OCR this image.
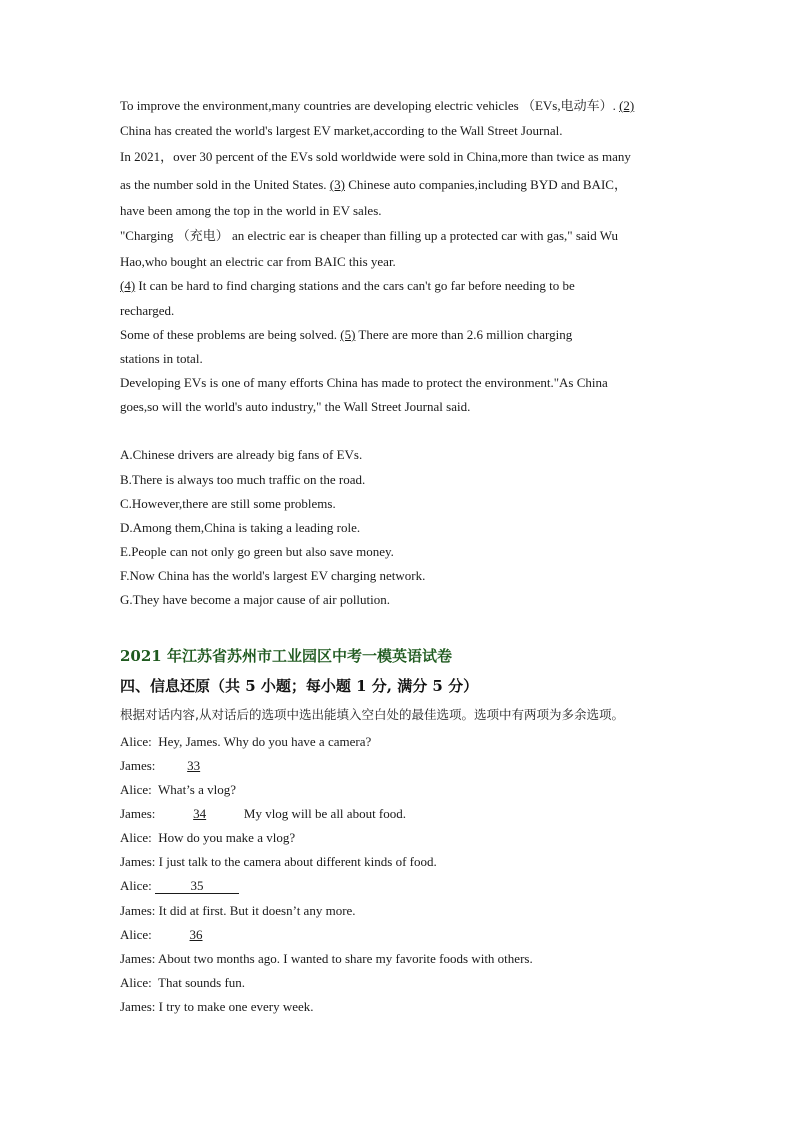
To improve the environment,many countries are developing electric vehicles （EVs,电动车）. (2)
China has created the world's largest EV market,according to the Wall Street Journal.
In 2021，over 30 percent of the EVs sold worldwide were sold in China,more than twice as many
as the number sold in the United States. (3) Chinese auto companies,including BYD and BAIC，
have been among the top in the world in EV sales.
"Charging （充电） an electric ear is cheaper than filling up a protected car with gas," said Wu
Hao,who bought an electric car from BAIC this year.
(4) It can be hard to find charging stations and the cars can't go far before needing to be
recharged.
Some of these problems are being solved. (5) There are more than 2.6 million charging
stations in total.
Developing EVs is one of many efforts China has made to protect the environment."As China
goes,so will the world's auto industry," the Wall Street Journal said.
A.Chinese drivers are already big fans of EVs.
B.There is always too much traffic on the road.
C.However,there are still some problems.
D.Among them,China is taking a leading role.
E.People can not only go green but also save money.
F.Now China has the world's largest EV charging network.
G.They have become a major cause of air pollution.
2021 年江苏省苏州市工业园区中考一模英语试卷
四、信息还原（共 5 小题；每小题 1 分, 满分 5 分）
根据对话内容,从对话后的选项中选出能填入空白处的最佳选项。选项中有两项为多余选项。
Alice: Hey, James. Why do you have a camera?
James: 33
Alice: What’s a vlog?
James:	34	My vlog will be all about food.
Alice: How do you make a vlog?
James: I just talk to the camera about different kinds of food.
Alice:	35
James: It did at first. But it doesn’t any more.
Alice:	36
James: About two months ago. I wanted to share my favorite foods with others.
Alice: That sounds fun.
James: I try to make one every week.
